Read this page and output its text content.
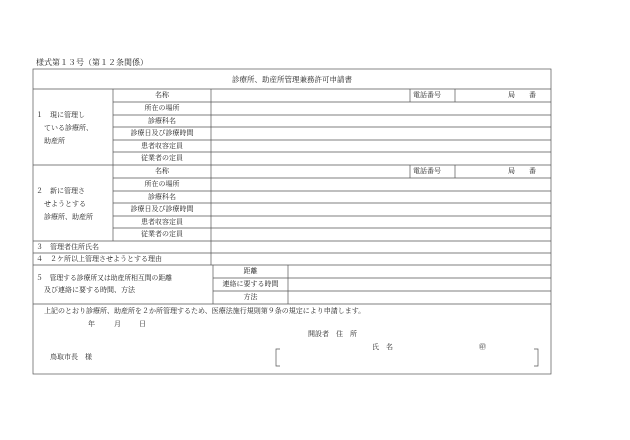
様式第１３号（第１２条関係）
診療所、助産所管理兼務許可申請書
１　現に管理し
ている診療所、
助産所
名称
所在の場所
診療科名
診療日及び診療時間
患者収容定員
従業者の定員
電話番号	局　　番
２　新に管理さ
せようとする
診療所、助産所
名称
所在の場所
診療科名
診療日及び診療時間
患者収容定員
従業者の定員
電話番号	局　　番
３　管理者住所氏名
４　２ケ所以上管理させようとする理由
５　管理する診療所又は助産所相互間の距離
及び連絡に要する時間、方法
距離
連絡に要する時間
方法
上記のとおり診療所、助産所を２か所管理するため、医療法施行規則第９条の規定により申請します。
年	月	日
開設者　住　所
氏　名	㊞
鳥取市長　様
